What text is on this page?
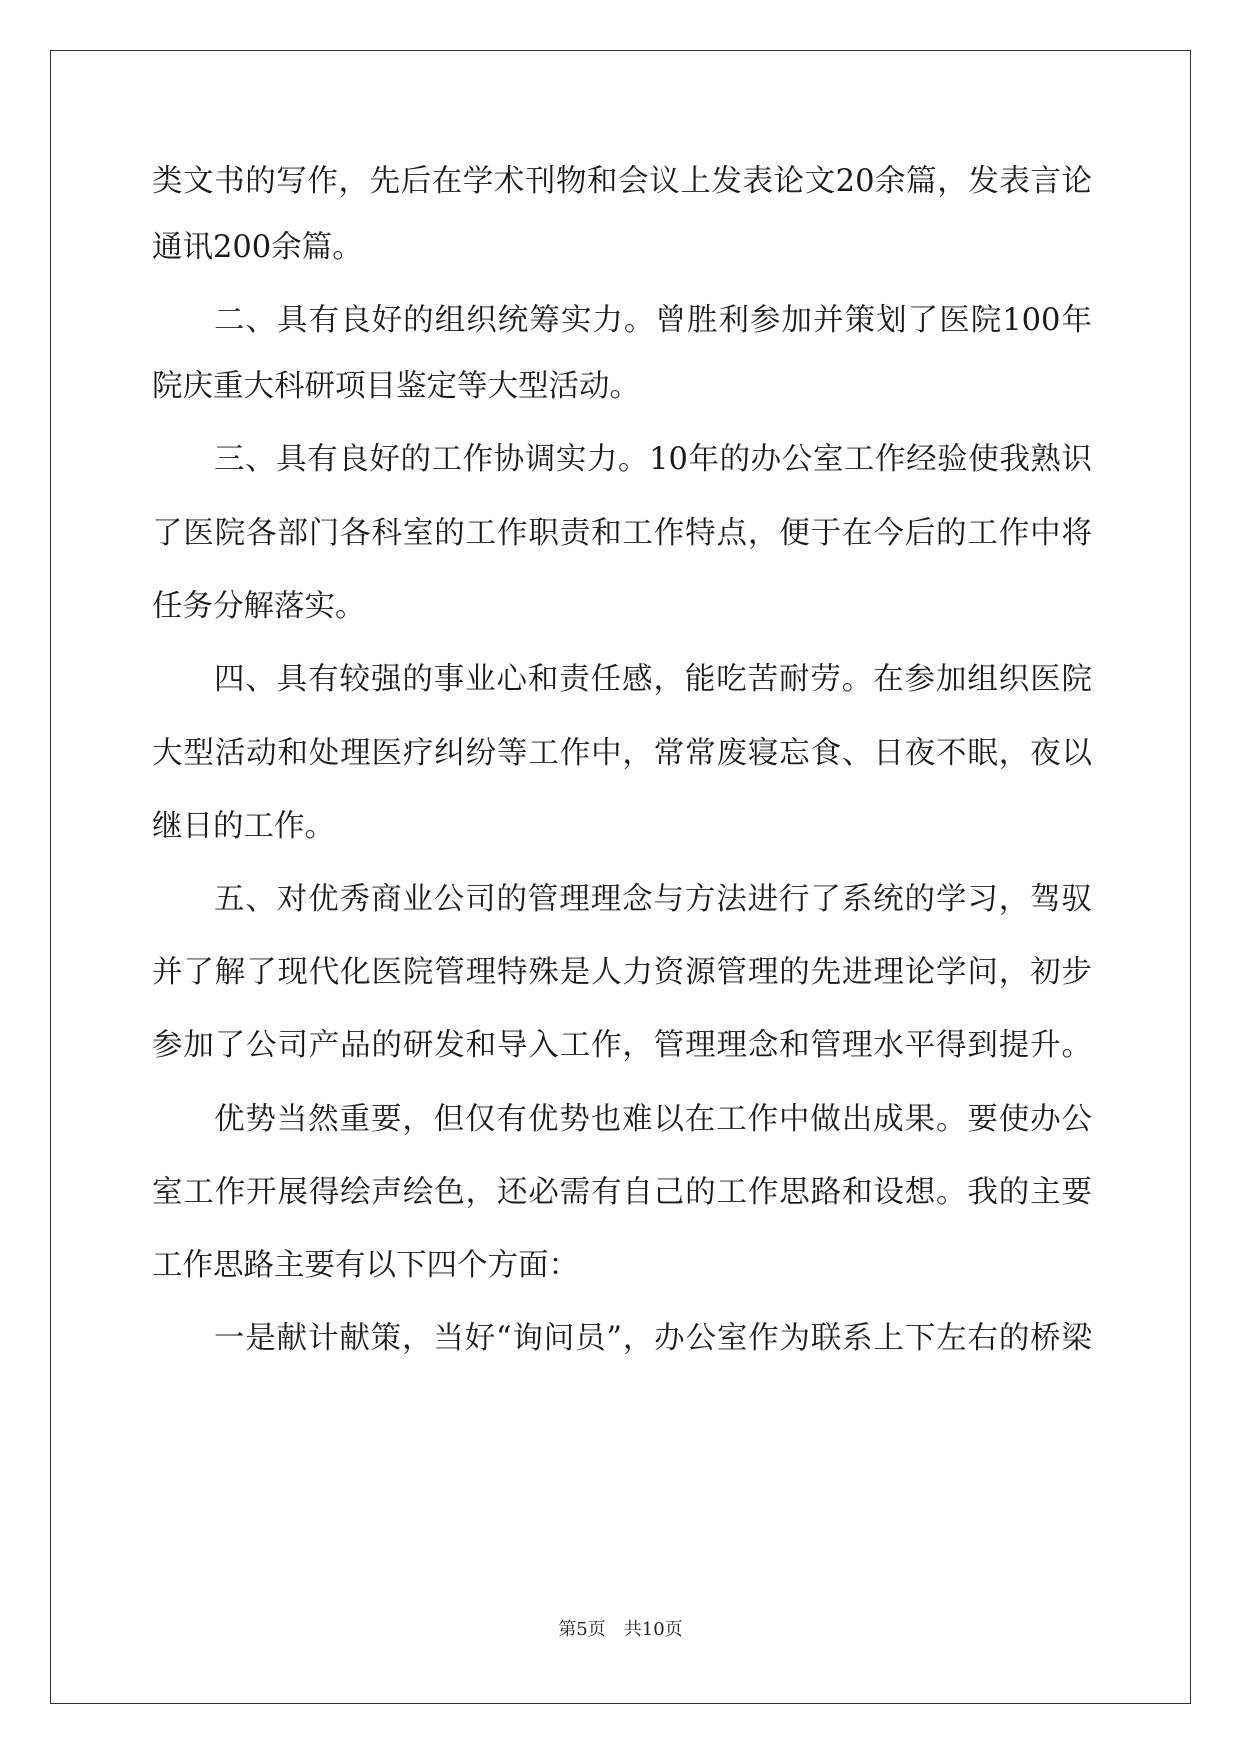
类文书的写作，先后在学术刊物和会议上发表论文20余篇，发表言论
通讯200余篇。
二、具有良好的组织统筹实力。曾胜利参加并策划了医院100年
院庆重大科研项目鉴定等大型活动。
三、具有良好的工作协调实力。10年的办公室工作经验使我熟识
了医院各部门各科室的工作职责和工作特点，便于在今后的工作中将
任务分解落实。
四、具有较强的事业心和责任感，能吃苦耐劳。在参加组织医院
大型活动和处理医疗纠纷等工作中，常常废寝忘食、日夜不眠，夜以
继日的工作。
五、对优秀商业公司的管理理念与方法进行了系统的学习，驾驭
并了解了现代化医院管理特殊是人力资源管理的先进理论学问，初步
参加了公司产品的研发和导入工作，管理理念和管理水平得到提升。
优势当然重要，但仅有优势也难以在工作中做出成果。要使办公
室工作开展得绘声绘色，还必需有自己的工作思路和设想。我的主要
工作思路主要有以下四个方面：
一是献计献策，当好“询问员”，办公室作为联系上下左右的桥梁
第5页　共10页
